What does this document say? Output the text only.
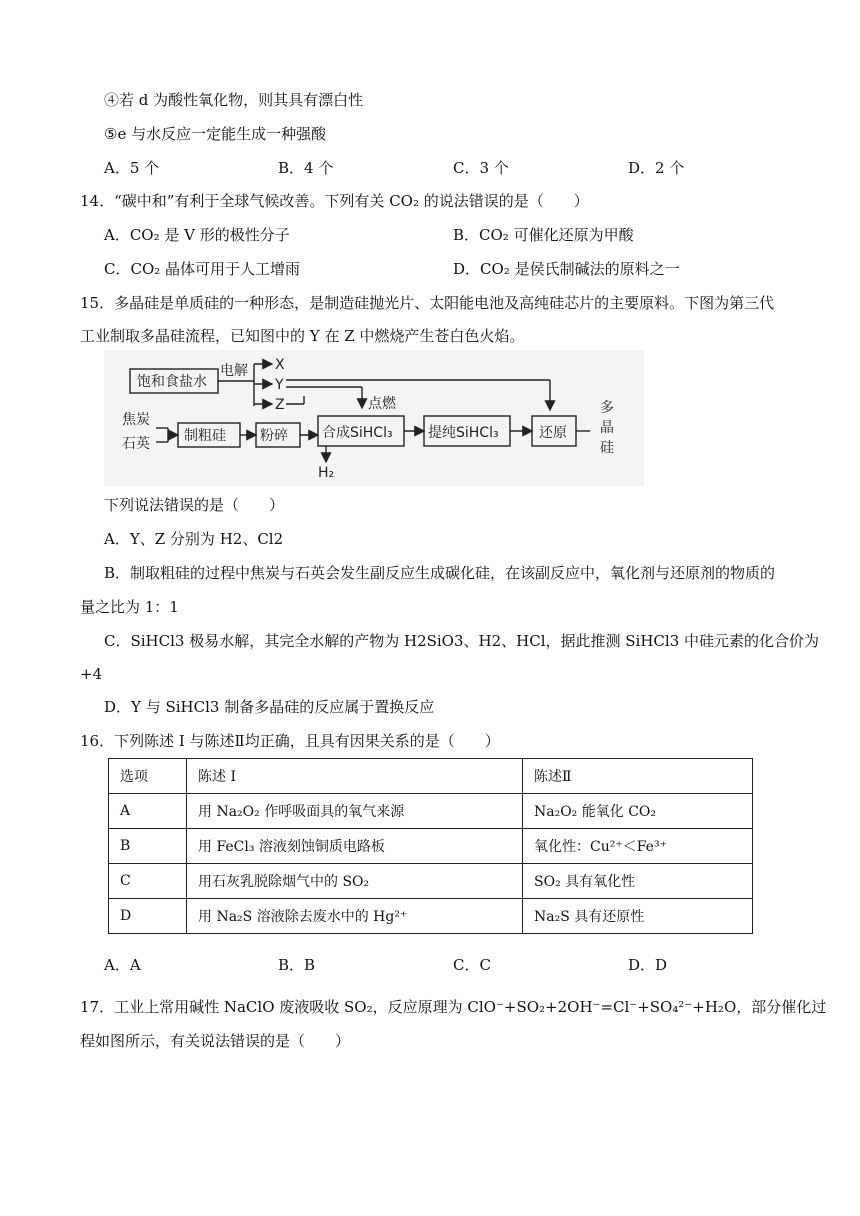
④若 d 为酸性氧化物，则其具有漂白性
⑤e 与水反应一定能生成一种强酸
A．5 个	B．4 个	C．3 个	D．2 个
14．“碳中和”有利于全球气候改善。下列有关 CO₂ 的说法错误的是（　　）
A．CO₂ 是 V 形的极性分子	B．CO₂ 可催化还原为甲酸
C．CO₂ 晶体可用于人工增雨	D．CO₂ 是侯氏制碱法的原料之一
15．多晶硅是单质硅的一种形态，是制造硅抛光片、太阳能电池及高纯硅芯片的主要原料。下图为第三代
工业制取多晶硅流程，已知图中的 Y 在 Z 中燃烧产生苍白色火焰。
饱和食盐水
电解 X
Y
Z	点燃
焦炭
石英 制粗硅 粉碎 合成SiHCl₃	提纯SiHCl₃	还原
H₂
多
晶
硅
下列说法错误的是（　　）
A．Y、Z 分别为 H2、Cl2
B．制取粗硅的过程中焦炭与石英会发生副反应生成碳化硅，在该副反应中，氧化剂与还原剂的物质的
量之比为 1：1
C．SiHCl3 极易水解，其完全水解的产物为 H2SiO3、H2、HCl，据此推测 SiHCl3 中硅元素的化合价为
+4
D．Y 与 SiHCl3 制备多晶硅的反应属于置换反应
16．下列陈述 I 与陈述Ⅱ均正确，且具有因果关系的是（　　）
选项	陈述 I	陈述Ⅱ
A	用 Na₂O₂ 作呼吸面具的氧气来源	Na₂O₂ 能氧化 CO₂
B	用 FeCl₃ 溶液刻蚀铜质电路板	氧化性：Cu²⁺＜Fe³⁺
C	用石灰乳脱除烟气中的 SO₂	SO₂ 具有氧化性
D	用 Na₂S 溶液除去废水中的 Hg²⁺	Na₂S 具有还原性
A．A	B．B	C．C	D．D
17．工业上常用碱性 NaClO 废液吸收 SO₂，反应原理为 ClO⁻+SO₂+2OH⁻=Cl⁻+SO₄²⁻+H₂O，部分催化过
程如图所示，有关说法错误的是（　　）
